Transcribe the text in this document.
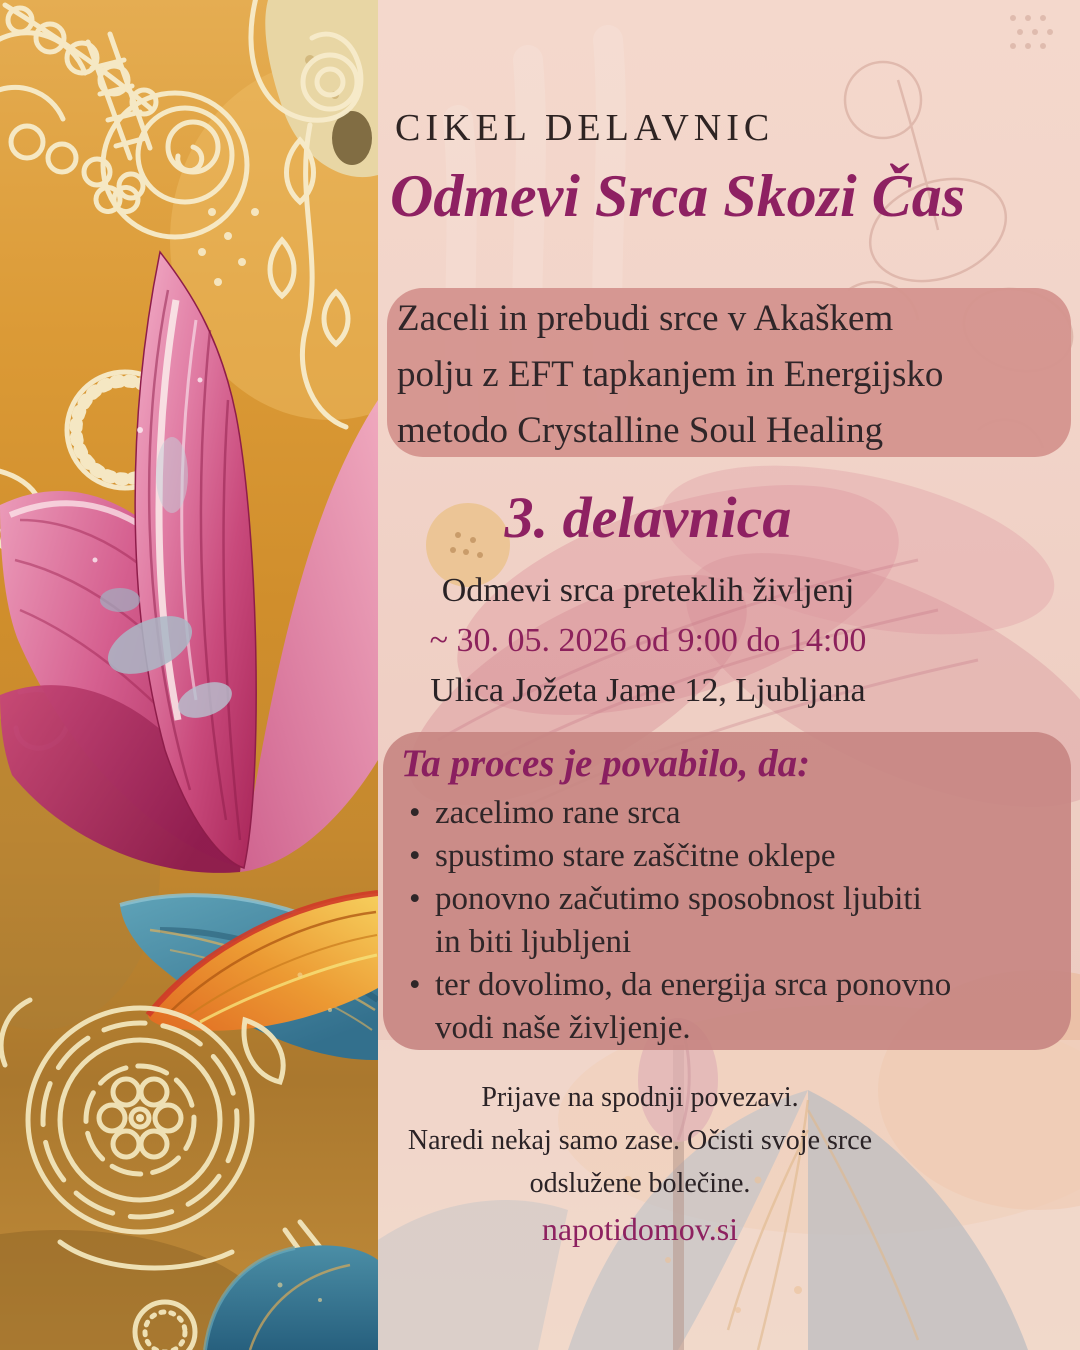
CIKEL DELAVNIC
Odmevi Srca Skozi Čas
Zaceli in prebudi srce v Akaškem
polju z EFT tapkanjem in Energijsko
metodo Crystalline Soul Healing
3. delavnica
Odmevi srca preteklih življenj
~ 30. 05. 2026 od 9:00 do 14:00
Ulica Jožeta Jame 12, Ljubljana
Ta proces je povabilo, da:
• zacelimo rane srca
• spustimo stare zaščitne oklepe
• ponovno začutimo sposobnost ljubiti
in biti ljubljeni
• ter dovolimo, da energija srca ponovno
vodi naše življenje.
Prijave na spodnji povezavi.
Naredi nekaj samo zase. Očisti svoje srce
odslužene bolečine.
napotidomov.si
